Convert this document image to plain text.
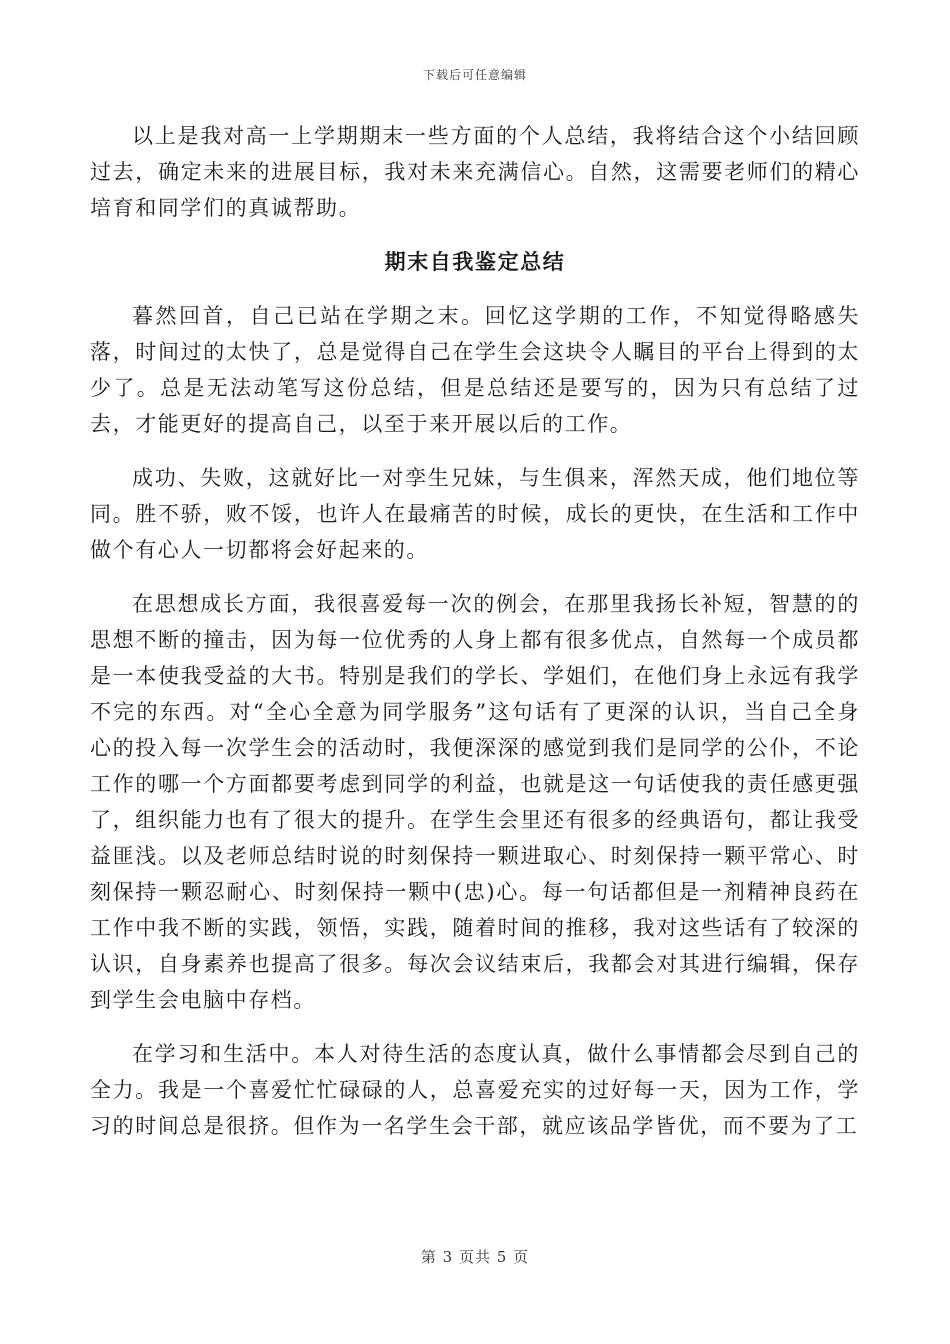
下载后可任意编辑

以上是我对高一上学期期末一些方面的个人总结，我将结合这个小结回顾过去，确定未来的进展目标，我对未来充满信心。自然，这需要老师们的精心培育和同学们的真诚帮助。

期末自我鉴定总结

暮然回首，自己已站在学期之末。回忆这学期的工作，不知觉得略感失落，时间过的太快了，总是觉得自己在学生会这块令人瞩目的平台上得到的太少了。总是无法动笔写这份总结，但是总结还是要写的，因为只有总结了过去，才能更好的提高自己，以至于来开展以后的工作。

成功、失败，这就好比一对孪生兄妹，与生俱来，浑然天成，他们地位等同。胜不骄，败不馁，也许人在最痛苦的时候，成长的更快，在生活和工作中做个有心人一切都将会好起来的。

在思想成长方面，我很喜爱每一次的例会，在那里我扬长补短，智慧的的思想不断的撞击，因为每一位优秀的人身上都有很多优点，自然每一个成员都是一本使我受益的大书。特别是我们的学长、学姐们，在他们身上永远有我学不完的东西。对“全心全意为同学服务”这句话有了更深的认识，当自己全身心的投入每一次学生会的活动时，我便深深的感觉到我们是同学的公仆，不论工作的哪一个方面都要考虑到同学的利益，也就是这一句话使我的责任感更强了，组织能力也有了很大的提升。在学生会里还有很多的经典语句，都让我受益匪浅。以及老师总结时说的时刻保持一颗进取心、时刻保持一颗平常心、时刻保持一颗忍耐心、时刻保持一颗中(忠)心。每一句话都但是一剂精神良药在工作中我不断的实践，领悟，实践，随着时间的推移，我对这些话有了较深的认识，自身素养也提高了很多。每次会议结束后，我都会对其进行编辑，保存到学生会电脑中存档。

在学习和生活中。本人对待生活的态度认真，做什么事情都会尽到自己的全力。我是一个喜爱忙忙碌碌的人，总喜爱充实的过好每一天，因为工作，学习的时间总是很挤。但作为一名学生会干部，就应该品学皆优，而不要为了工

第 3 页共 5 页
